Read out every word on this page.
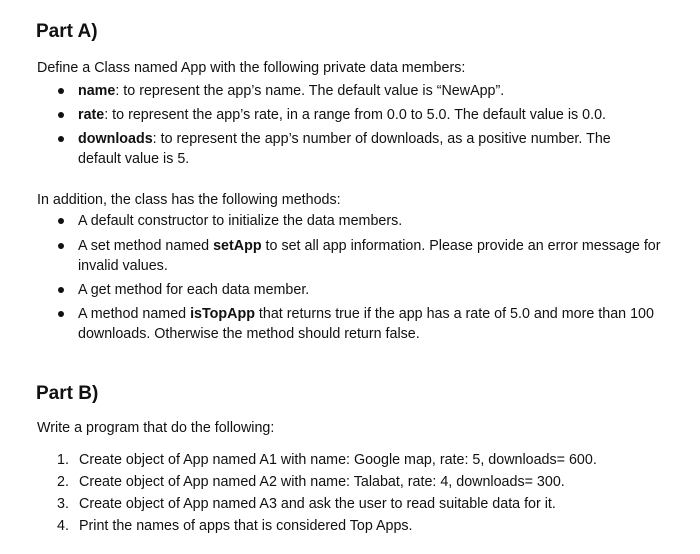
Part A)

Define a Class named App with the following private data members:

name: to represent the app’s name. The default value is “NewApp”.
rate: to represent the app’s rate, in a range from 0.0 to 5.0. The default value is 0.0.
downloads: to represent the app’s number of downloads, as a positive number. The default value is 5.

In addition, the class has the following methods:

A default constructor to initialize the data members.
A set method named setApp to set all app information. Please provide an error message for invalid values.
A get method for each data member.
A method named isTopApp that returns true if the app has a rate of 5.0 and more than 100 downloads. Otherwise the method should return false.
Part B)

Write a program that do the following:

1. Create object of App named A1 with name: Google map, rate: 5, downloads= 600.
2. Create object of App named A2 with name: Talabat, rate: 4, downloads= 300.
3. Create object of App named A3 and ask the user to read suitable data for it.
4. Print the names of apps that is considered Top Apps.
